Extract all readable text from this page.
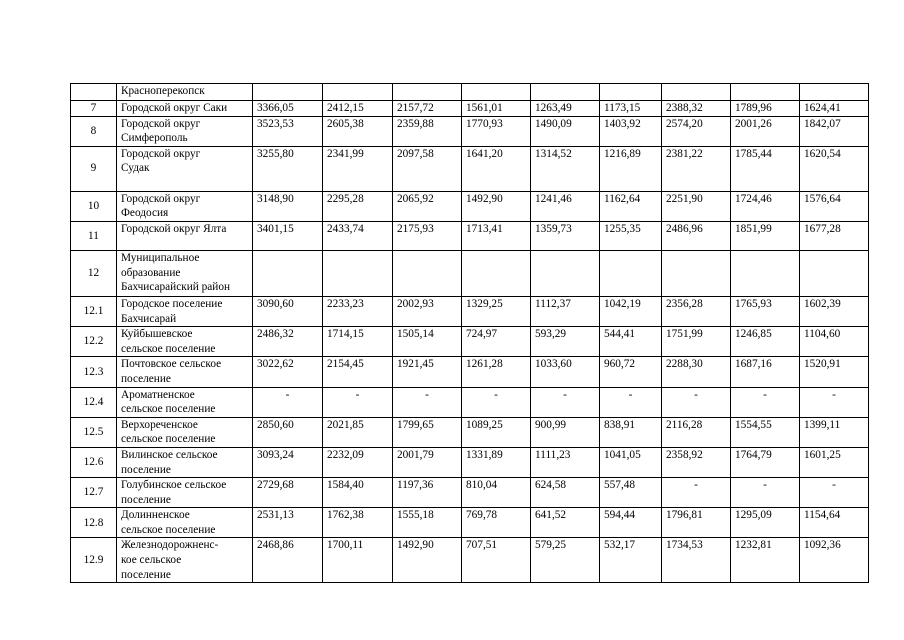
	Красноперекопск									
7	Городской округ Саки	3366,05	2412,15	2157,72	1561,01	1263,49	1173,15	2388,32	1789,96	1624,41
8	Городской округ
Симферополь	3523,53	2605,38	2359,88	1770,93	1490,09	1403,92	2574,20	2001,26	1842,07
9	Городской округ
Судак	3255,80	2341,99	2097,58	1641,20	1314,52	1216,89	2381,22	1785,44	1620,54
10	Городской округ
Феодосия	3148,90	2295,28	2065,92	1492,90	1241,46	1162,64	2251,90	1724,46	1576,64
11	Городской округ Ялта	3401,15	2433,74	2175,93	1713,41	1359,73	1255,35	2486,96	1851,99	1677,28
12	Муниципальное
образование
Бахчисарайский район									
12.1	Городское поселение
Бахчисарай	3090,60	2233,23	2002,93	1329,25	1112,37	1042,19	2356,28	1765,93	1602,39
12.2	Куйбышевское
сельское поселение	2486,32	1714,15	1505,14	724,97	593,29	544,41	1751,99	1246,85	1104,60
12.3	Почтовское сельское
поселение	3022,62	2154,45	1921,45	1261,28	1033,60	960,72	2288,30	1687,16	1520,91
12.4	Ароматненское
сельское поселение	-	-	-	-	-	-	-	-	-
12.5	Верхореченское
сельское поселение	2850,60	2021,85	1799,65	1089,25	900,99	838,91	2116,28	1554,55	1399,11
12.6	Вилинское сельское
поселение	3093,24	2232,09	2001,79	1331,89	1111,23	1041,05	2358,92	1764,79	1601,25
12.7	Голубинское сельское
поселение	2729,68	1584,40	1197,36	810,04	624,58	557,48	-	-	-
12.8	Долинненское
сельское поселение	2531,13	1762,38	1555,18	769,78	641,52	594,44	1796,81	1295,09	1154,64
12.9	Железнодорожненс-
кое сельское
поселение	2468,86	1700,11	1492,90	707,51	579,25	532,17	1734,53	1232,81	1092,36
